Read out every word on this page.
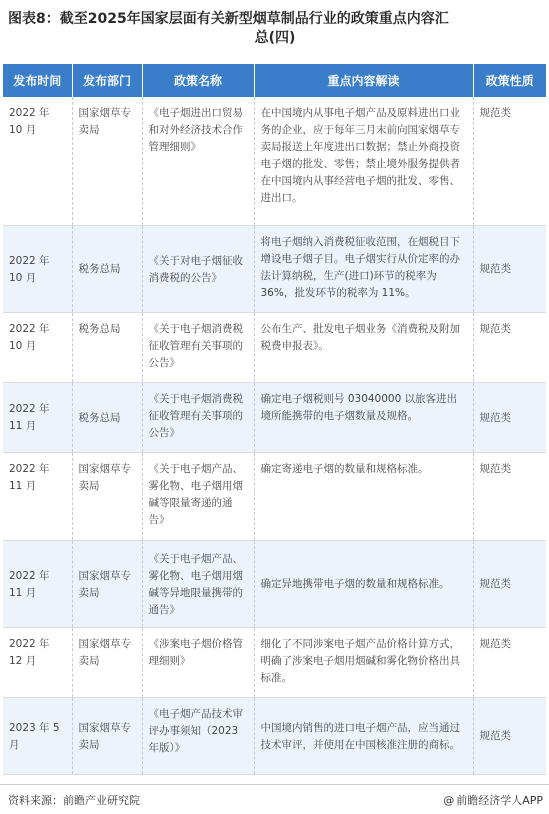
图表8：截至2025年国家层面有关新型烟草制品行业的政策重点内容汇
总(四)
发布时间	发布部门	政策名称	重点内容解读	政策性质
2022 年 10 月	国家烟草专卖局	《电子烟进出口贸易和对外经济技术合作管理细则》	在中国境内从事电子烟产品及原料进出口业务的企业，应于每年三月末前向国家烟草专卖局报送上年度进出口数据；禁止外商投资电子烟的批发、零售；禁止境外服务提供者在中国境内从事经营电子烟的批发、零售、进出口。	规范类
2022 年 10 月	税务总局	《关于对电子烟征收消费税的公告》	将电子烟纳入消费税征收范围，在烟税目下增设电子烟子目。电子烟实行从价定率的办法计算纳税，生产(进口)环节的税率为 36%，批发环节的税率为 11%。	规范类
2022 年 10 月	税务总局	《关于电子烟消费税征收管理有关事项的公告》	公布生产、批发电子烟业务《消费税及附加税费申报表》。	规范类
2022 年 11 月	税务总局	《关于电子烟消费税征收管理有关事项的公告》	确定电子烟税则号 03040000 以旅客进出境所能携带的电子烟数量及规格。	规范类
2022 年 11 月	国家烟草专卖局	《关于电子烟产品、雾化物、电子烟用烟碱等限量寄递的通告》	确定寄递电子烟的数量和规格标准。	规范类
2022 年 11 月	国家烟草专卖局	《关于电子烟产品、雾化物、电子烟用烟碱等异地限量携带的通告》	确定异地携带电子烟的数量和规格标准。	规范类
2022 年 12 月	国家烟草专卖局	《涉案电子烟价格管理细则》	细化了不同涉案电子烟产品价格计算方式，明确了涉案电子烟用烟碱和雾化物价格出具标准。	规范类
2023 年 5 月	国家烟草专卖局	《电子烟产品技术审评办事须知（2023年版）》	中国境内销售的进口电子烟产品，应当通过技术审评，并使用在中国核准注册的商标。	规范类
资料来源：前瞻产业研究院	@ 前瞻经济学人APP
